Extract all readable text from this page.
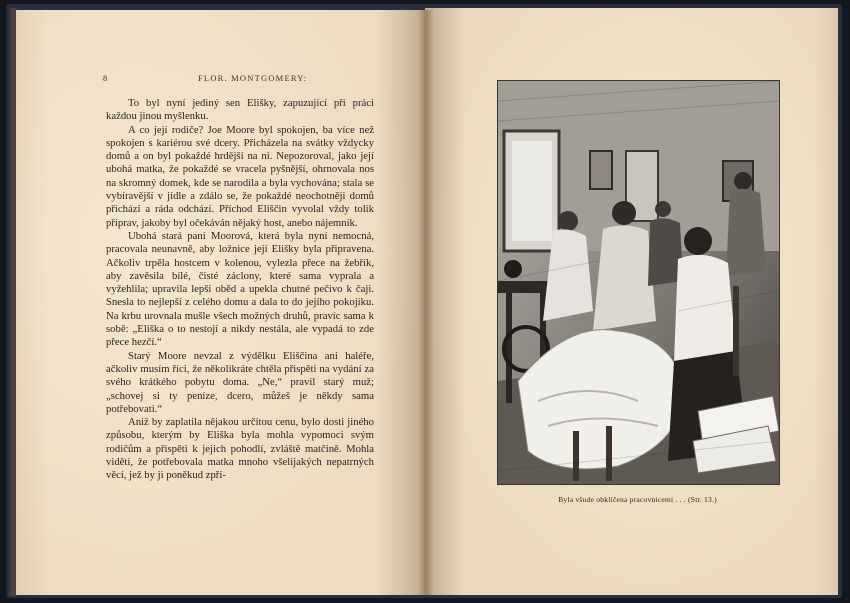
8	FLOR. MONTGOMERY:

To byl nyní jediný sen Elišky, zapuzující při práci každou jinou myšlenku.

A co její rodiče? Joe Moore byl spokojen, ba více než spokojen s kariérou své dcery. Přicházela na svátky vždycky domů a on byl pokaždé hrdější na ni. Nepozoroval, jako její ubohá matka, že pokaždé se vracela pyšnější, ohrnovala nos na skromný domek, kde se narodila a byla vychována; stala se vybíravější v jídle a zdálo se, že pokaždé neochotněji domů přichází a ráda odchází. Příchod Eliščin vyvolal vždy tolik příprav, jakoby byl očekáván nějaký host, anebo nájemník.

Ubohá stará paní Moorová, která byla nyní nemocná, pracovala neunavně, aby ložnice její Elišky byla připravena. Ačkoliv trpěla hostcem v kolenou, vylezla přece na žebřík, aby zavěsila bílé, čisté záclony, které sama vyprala a vyžehlila; upravila lepší oběd a upekla chutné pečivo k čaji. Snesla to nejlepší z celého domu a dala to do jejího pokojíku. Na krbu urovnala mušle všech možných druhů, pravíc sama k sobě: „Eliška o to nestojí a nikdy nestála, ale vypadá to zde přece hezčí.“

Starý Moore nevzal z výdělku Eliščina ani haléře, ačkoliv musím říci, že několikráte chtěla přispěti na vydání za svého krátkého pobytu doma. „Ne,“ pravil starý muž; „schovej si ty peníze, dcero, můžeš je někdy sama potřebovati.“

Aniž by zaplatila nějakou určitou cenu, bylo dosti jiného způsobu, kterým by Eliška byla mohla vypomoci svým rodičům a přispěti k jejich pohodlí, zvláště matčině. Mohla viděti, že potřebovala matka mnoho všelijakých nepatrných věcí, jež by ji poněkud zpří-

Byla všude obklíčena pracovnicemi . . . (Str. 13.)
